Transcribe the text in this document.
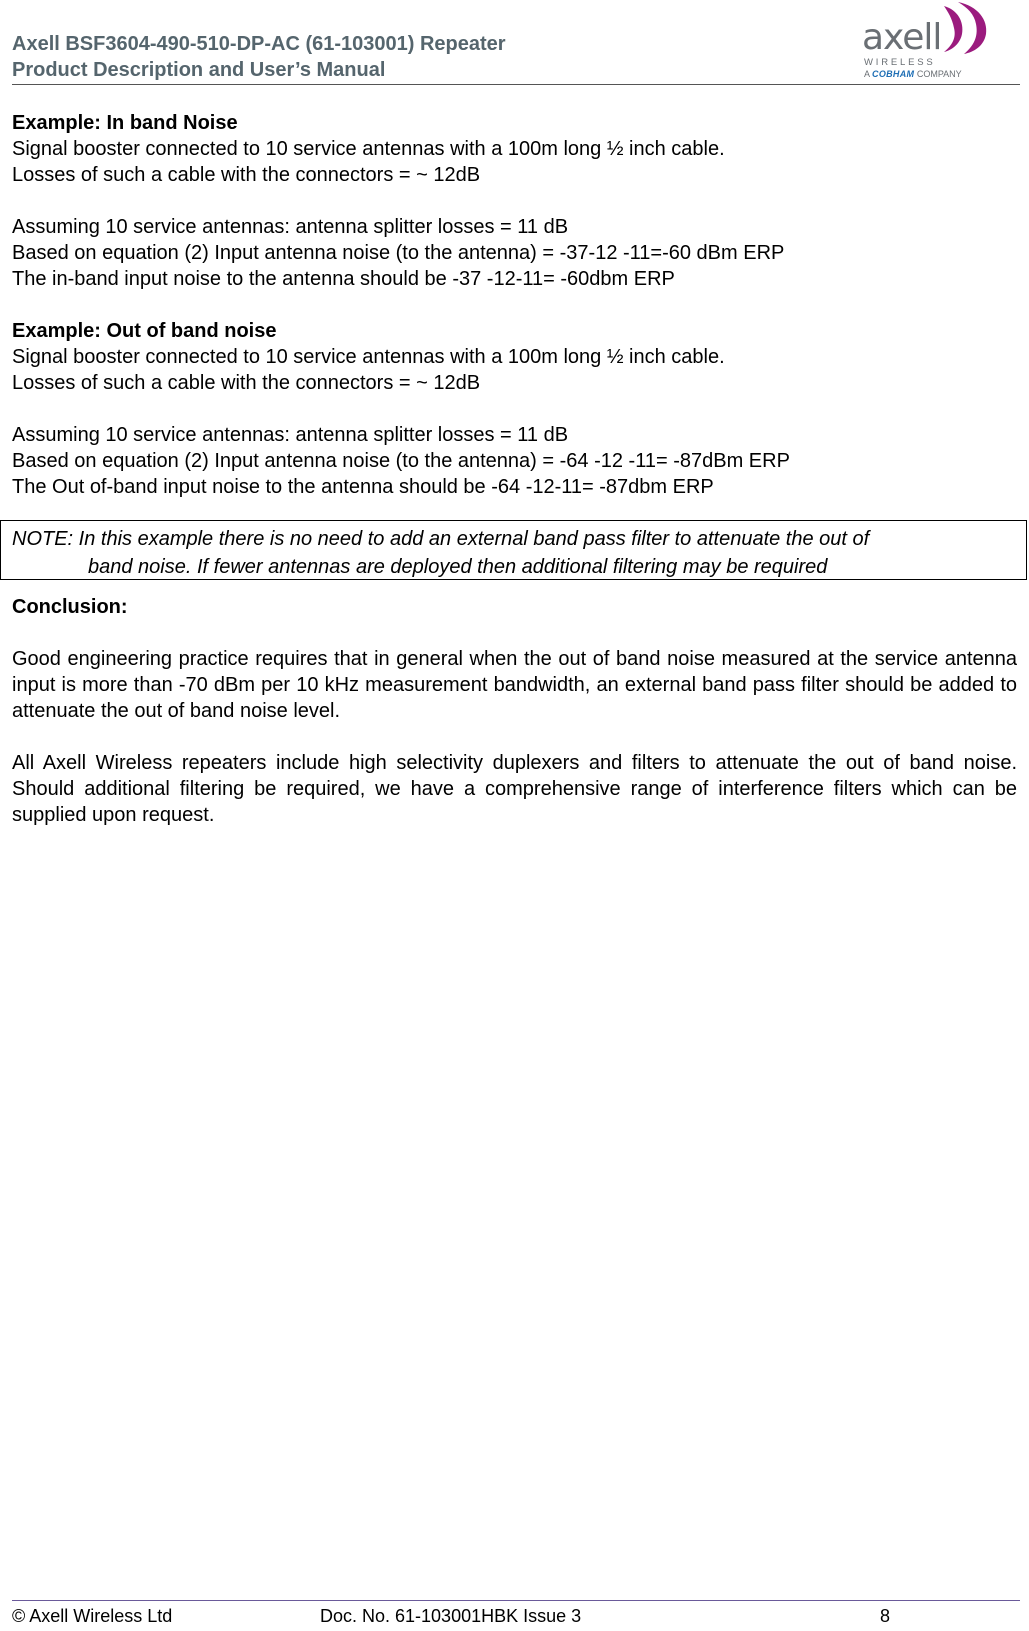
Axell BSF3604-490-510-DP-AC (61-103001) Repeater
Product Description and User’s Manual
axell
WIRELESS
A COBHAM COMPANY

Example: In band Noise

Signal booster connected to 10 service antennas with a 100m long ½ inch cable.

Losses of such a cable with the connectors = ~ 12dB

Assuming 10 service antennas: antenna splitter losses = 11 dB

Based on equation (2) Input antenna noise (to the antenna) = -37-12 -11=-60 dBm ERP

The in-band input noise to the antenna should be -37 -12-11= -60dbm ERP

Example: Out of band noise

Signal booster connected to 10 service antennas with a 100m long ½ inch cable.

Losses of such a cable with the connectors = ~ 12dB

Assuming 10 service antennas: antenna splitter losses = 11 dB

Based on equation (2) Input antenna noise (to the antenna) = -64 -12 -11= -87dBm ERP

The Out of-band input noise to the antenna should be -64 -12-11= -87dbm ERP

NOTE: In this example there is no need to add an external band pass filter to attenuate the out of
band noise. If fewer antennas are deployed then additional filtering may be required

Conclusion:

Good engineering practice requires that in general when the out of band noise measured at the service antenna input is more than -70 dBm per 10 kHz measurement bandwidth, an external band pass filter should be added to attenuate the out of band noise level.

All Axell Wireless repeaters include high selectivity duplexers and filters to attenuate the out of band noise. Should additional filtering be required, we have a comprehensive range of interference filters which can be supplied upon request.

© Axell Wireless Ltd	Doc. No. 61-103001HBK Issue 3	8
